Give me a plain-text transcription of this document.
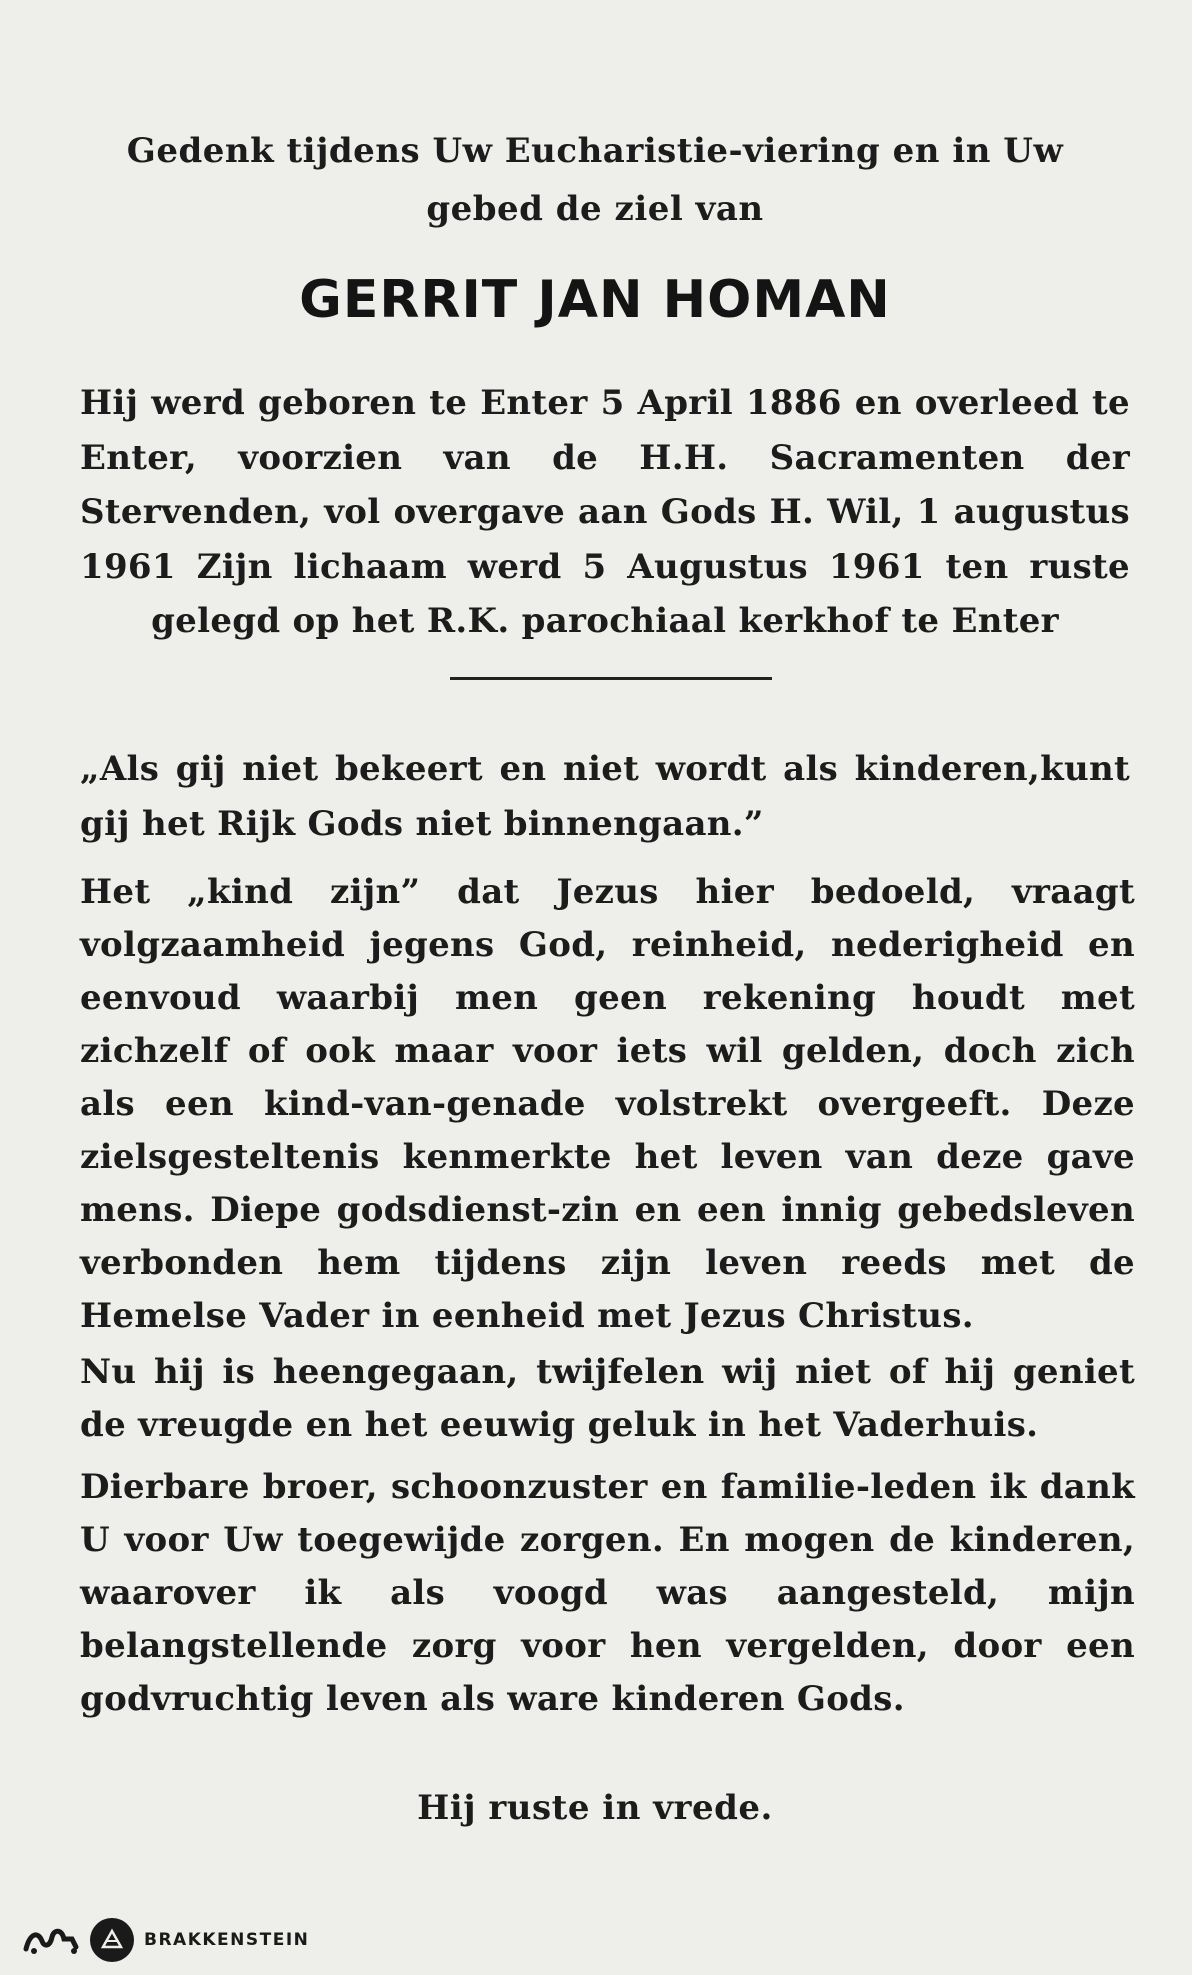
Gedenk tijdens Uw Eucharistie-viering en in Uw
gebed de ziel van

GERRIT JAN HOMAN

Hij werd geboren te Enter 5 April 1886 en overleed te Enter, voorzien van de H.H. Sacramenten der Stervenden, vol overgave aan Gods H. Wil, 1 augustus 1961 Zijn lichaam werd 5 Augustus 1961 ten ruste gelegd op het R.K. parochiaal kerkhof te Enter

„Als gij niet bekeert en niet wordt als kinderen,kunt gij het Rijk Gods niet binnengaan.”

Het „kind zijn” dat Jezus hier bedoeld, vraagt volgzaamheid jegens God, reinheid, nederigheid en eenvoud waarbij men geen rekening houdt met zichzelf of ook maar voor iets wil gelden, doch zich als een kind-van-genade volstrekt overgeeft. Deze zielsgesteltenis kenmerkte het leven van deze gave mens. Diepe godsdienst-zin en een innig gebedsleven verbonden hem tijdens zijn leven reeds met de Hemelse Vader in eenheid met Jezus Christus.

Nu hij is heengegaan, twijfelen wij niet of hij geniet de vreugde en het eeuwig geluk in het Vaderhuis.

Dierbare broer, schoonzuster en familie-leden ik dank U voor Uw toegewijde zorgen. En mogen de kinderen, waarover ik als voogd was aangesteld, mijn belangstellende zorg voor hen vergelden, door een godvruchtig leven als ware kinderen Gods.

Hij ruste in vrede.

BRAKKENSTEIN
